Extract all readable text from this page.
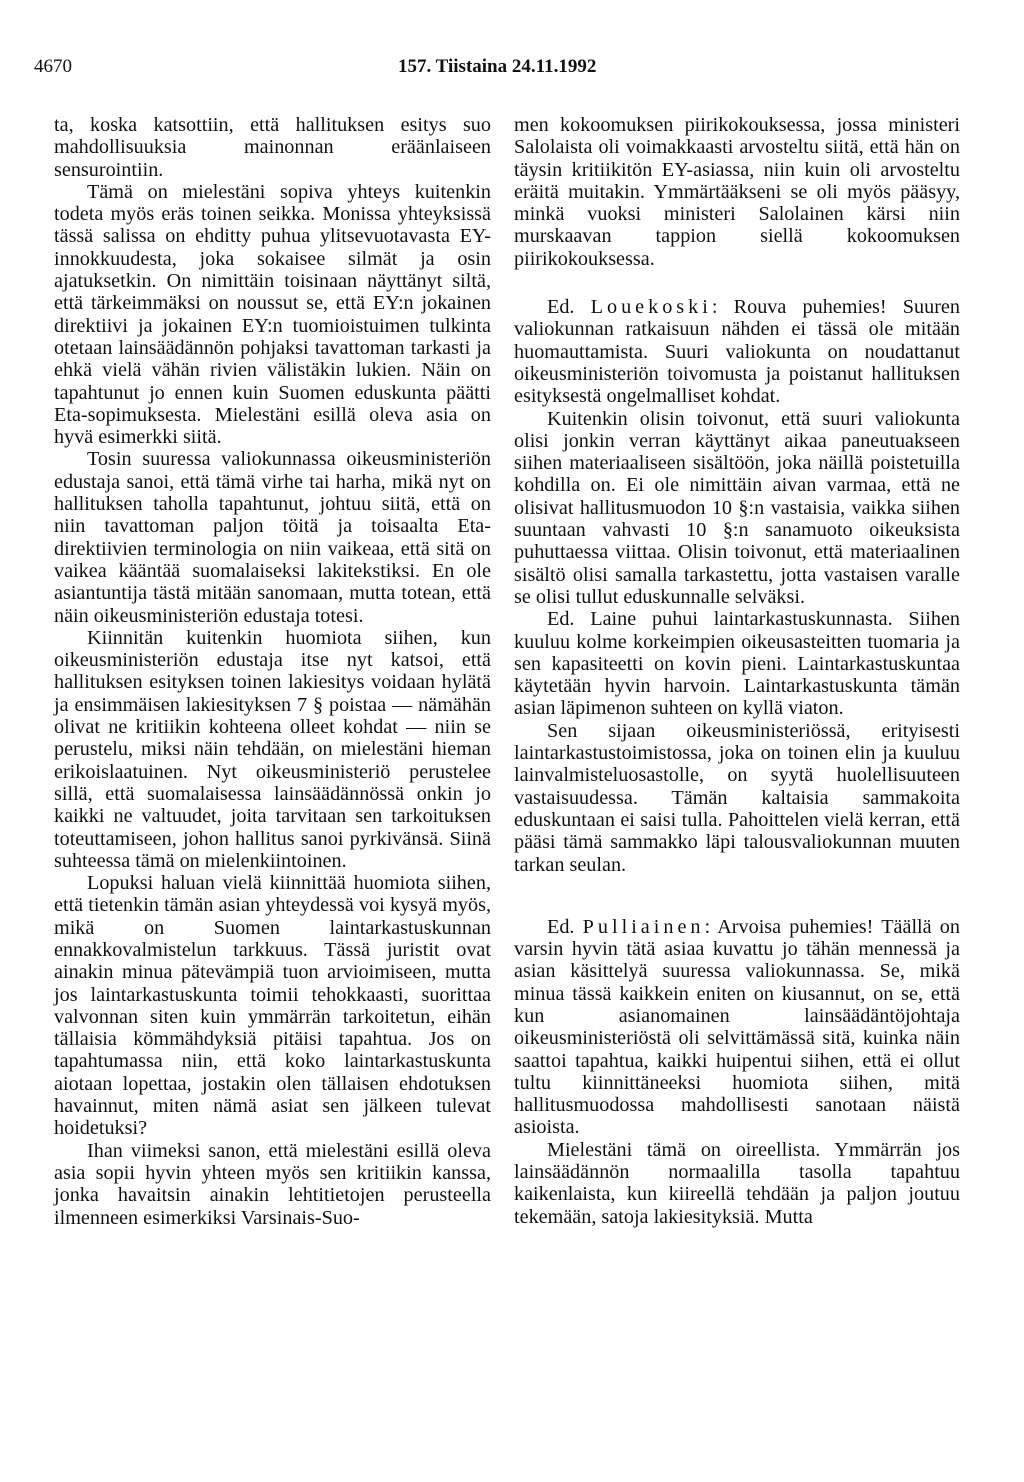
4670	157. Tiistaina 24.11.1992

ta, koska katsottiin, että hallituksen esitys suo mahdollisuuksia mainonnan eräänlaiseen sensurointiin.

Tämä on mielestäni sopiva yhteys kuitenkin todeta myös eräs toinen seikka. Monissa yhteyksissä tässä salissa on ehditty puhua ylitsevuotavasta EY-innokkuudesta, joka sokaisee silmät ja osin ajatuksetkin. On nimittäin toisinaan näyttänyt siltä, että tärkeimmäksi on noussut se, että EY:n jokainen direktiivi ja jokainen EY:n tuomioistuimen tulkinta otetaan lainsäädännön pohjaksi tavattoman tarkasti ja ehkä vielä vähän rivien välistäkin lukien. Näin on tapahtunut jo ennen kuin Suomen eduskunta päätti Eta-sopimuksesta. Mielestäni esillä oleva asia on hyvä esimerkki siitä.

Tosin suuressa valiokunnassa oikeusministeriön edustaja sanoi, että tämä virhe tai harha, mikä nyt on hallituksen taholla tapahtunut, johtuu siitä, että on niin tavattoman paljon töitä ja toisaalta Eta-direktiivien terminologia on niin vaikeaa, että sitä on vaikea kääntää suomalaiseksi lakitekstiksi. En ole asiantuntija tästä mitään sanomaan, mutta totean, että näin oikeusministeriön edustaja totesi.

Kiinnitän kuitenkin huomiota siihen, kun oikeusministeriön edustaja itse nyt katsoi, että hallituksen esityksen toinen lakiesitys voidaan hylätä ja ensimmäisen lakiesityksen 7 § poistaa — nämähän olivat ne kritiikin kohteena olleet kohdat — niin se perustelu, miksi näin tehdään, on mielestäni hieman erikoislaatuinen. Nyt oikeusministeriö perustelee sillä, että suomalaisessa lainsäädännössä onkin jo kaikki ne valtuudet, joita tarvitaan sen tarkoituksen toteuttamiseen, johon hallitus sanoi pyrkivänsä. Siinä suhteessa tämä on mielenkiintoinen.

Lopuksi haluan vielä kiinnittää huomiota siihen, että tietenkin tämän asian yhteydessä voi kysyä myös, mikä on Suomen laintarkastuskunnan ennakkovalmistelun tarkkuus. Tässä juristit ovat ainakin minua pätevämpiä tuon arvioimiseen, mutta jos laintarkastuskunta toimii tehokkaasti, suorittaa valvonnan siten kuin ymmärrän tarkoitetun, eihän tällaisia kömmähdyksiä pitäisi tapahtua. Jos on tapahtumassa niin, että koko laintarkastuskunta aiotaan lopettaa, jostakin olen tällaisen ehdotuksen havainnut, miten nämä asiat sen jälkeen tulevat hoidetuksi?

Ihan viimeksi sanon, että mielestäni esillä oleva asia sopii hyvin yhteen myös sen kritiikin kanssa, jonka havaitsin ainakin lehtitietojen perusteella ilmenneen esimerkiksi Varsinais-Suo-

men kokoomuksen piirikokouksessa, jossa ministeri Salolaista oli voimakkaasti arvosteltu siitä, että hän on täysin kritiikitön EY-asiassa, niin kuin oli arvosteltu eräitä muitakin. Ymmärtääkseni se oli myös pääsyy, minkä vuoksi ministeri Salolainen kärsi niin murskaavan tappion siellä kokoomuksen piirikokouksessa.

Ed. Louekoski: Rouva puhemies! Suuren valiokunnan ratkaisuun nähden ei tässä ole mitään huomauttamista. Suuri valiokunta on noudattanut oikeusministeriön toivomusta ja poistanut hallituksen esityksestä ongelmalliset kohdat.

Kuitenkin olisin toivonut, että suuri valiokunta olisi jonkin verran käyttänyt aikaa paneutuakseen siihen materiaaliseen sisältöön, joka näillä poistetuilla kohdilla on. Ei ole nimittäin aivan varmaa, että ne olisivat hallitusmuodon 10 §:n vastaisia, vaikka siihen suuntaan vahvasti 10 §:n sanamuoto oikeuksista puhuttaessa viittaa. Olisin toivonut, että materiaalinen sisältö olisi samalla tarkastettu, jotta vastaisen varalle se olisi tullut eduskunnalle selväksi.

Ed. Laine puhui laintarkastuskunnasta. Siihen kuuluu kolme korkeimpien oikeusasteitten tuomaria ja sen kapasiteetti on kovin pieni. Laintarkastuskuntaa käytetään hyvin harvoin. Laintarkastuskunta tämän asian läpimenon suhteen on kyllä viaton.

Sen sijaan oikeusministeriössä, erityisesti laintarkastustoimistossa, joka on toinen elin ja kuuluu lainvalmisteluosastolle, on syytä huolellisuuteen vastaisuudessa. Tämän kaltaisia sammakoita eduskuntaan ei saisi tulla. Pahoittelen vielä kerran, että pääsi tämä sammakko läpi talousvaliokunnan muuten tarkan seulan.

Ed. Pulliainen: Arvoisa puhemies! Täällä on varsin hyvin tätä asiaa kuvattu jo tähän mennessä ja asian käsittelyä suuressa valiokunnassa. Se, mikä minua tässä kaikkein eniten on kiusannut, on se, että kun asianomainen lainsäädäntöjohtaja oikeusministeriöstä oli selvittämässä sitä, kuinka näin saattoi tapahtua, kaikki huipentui siihen, että ei ollut tultu kiinnittäneeksi huomiota siihen, mitä hallitusmuodossa mahdollisesti sanotaan näistä asioista.

Mielestäni tämä on oireellista. Ymmärrän jos lainsäädännön normaalilla tasolla tapahtuu kaikenlaista, kun kiireellä tehdään ja paljon joutuu tekemään, satoja lakiesityksiä. Mutta
